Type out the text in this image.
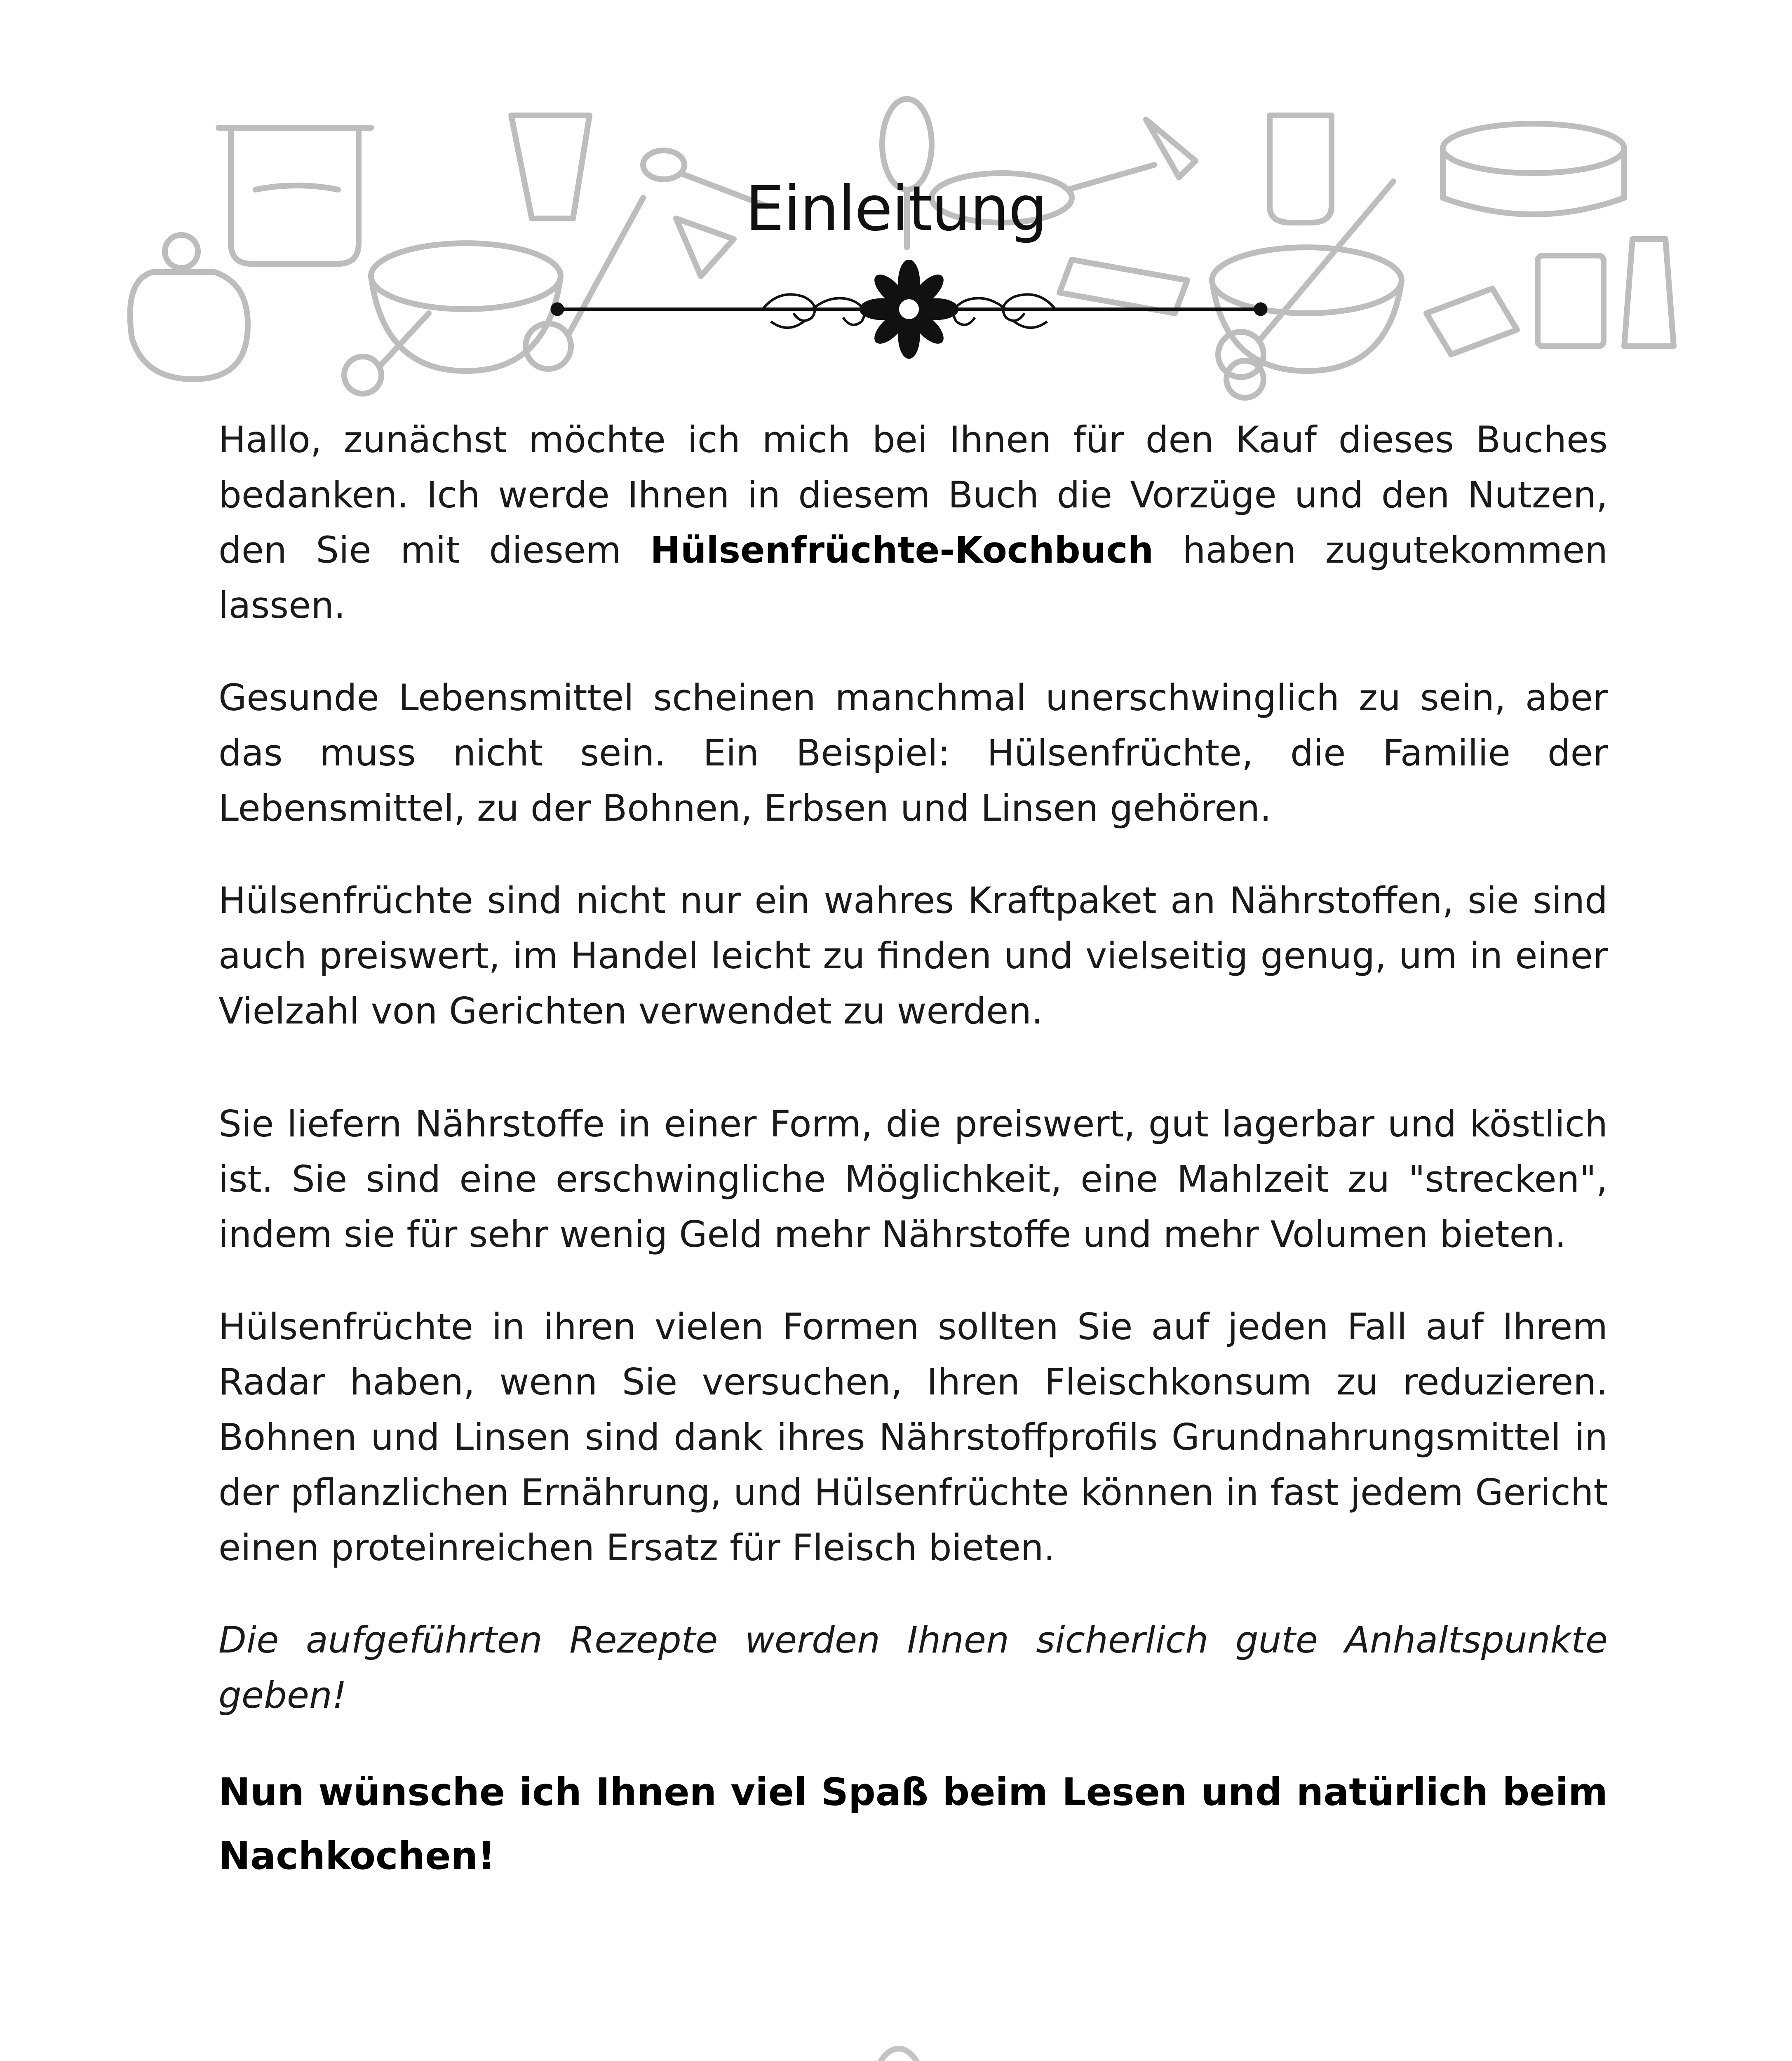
Einleitung

Hallo, zunächst möchte ich mich bei Ihnen für den Kauf dieses Buches bedanken. Ich werde Ihnen in diesem Buch die Vorzüge und den Nutzen, den Sie mit diesem Hülsenfrüchte-Kochbuch haben zugutekommen lassen.

Gesunde Lebensmittel scheinen manchmal unerschwinglich zu sein, aber das muss nicht sein. Ein Beispiel: Hülsenfrüchte, die Familie der Lebensmittel, zu der Bohnen, Erbsen und Linsen gehören.

Hülsenfrüchte sind nicht nur ein wahres Kraftpaket an Nährstoffen, sie sind auch preiswert, im Handel leicht zu finden und vielseitig genug, um in einer Vielzahl von Gerichten verwendet zu werden.

Sie liefern Nährstoffe in einer Form, die preiswert, gut lagerbar und köstlich ist. Sie sind eine erschwingliche Möglichkeit, eine Mahlzeit zu "strecken", indem sie für sehr wenig Geld mehr Nährstoffe und mehr Volumen bieten.

Hülsenfrüchte in ihren vielen Formen sollten Sie auf jeden Fall auf Ihrem Radar haben, wenn Sie versuchen, Ihren Fleischkonsum zu reduzieren. Bohnen und Linsen sind dank ihres Nährstoffprofils Grundnahrungsmittel in der pflanzlichen Ernährung, und Hülsenfrüchte können in fast jedem Gericht einen proteinreichen Ersatz für Fleisch bieten.

Die aufgeführten Rezepte werden Ihnen sicherlich gute Anhaltspunkte geben!

Nun wünsche ich Ihnen viel Spaß beim Lesen und natürlich beim Nachkochen!
